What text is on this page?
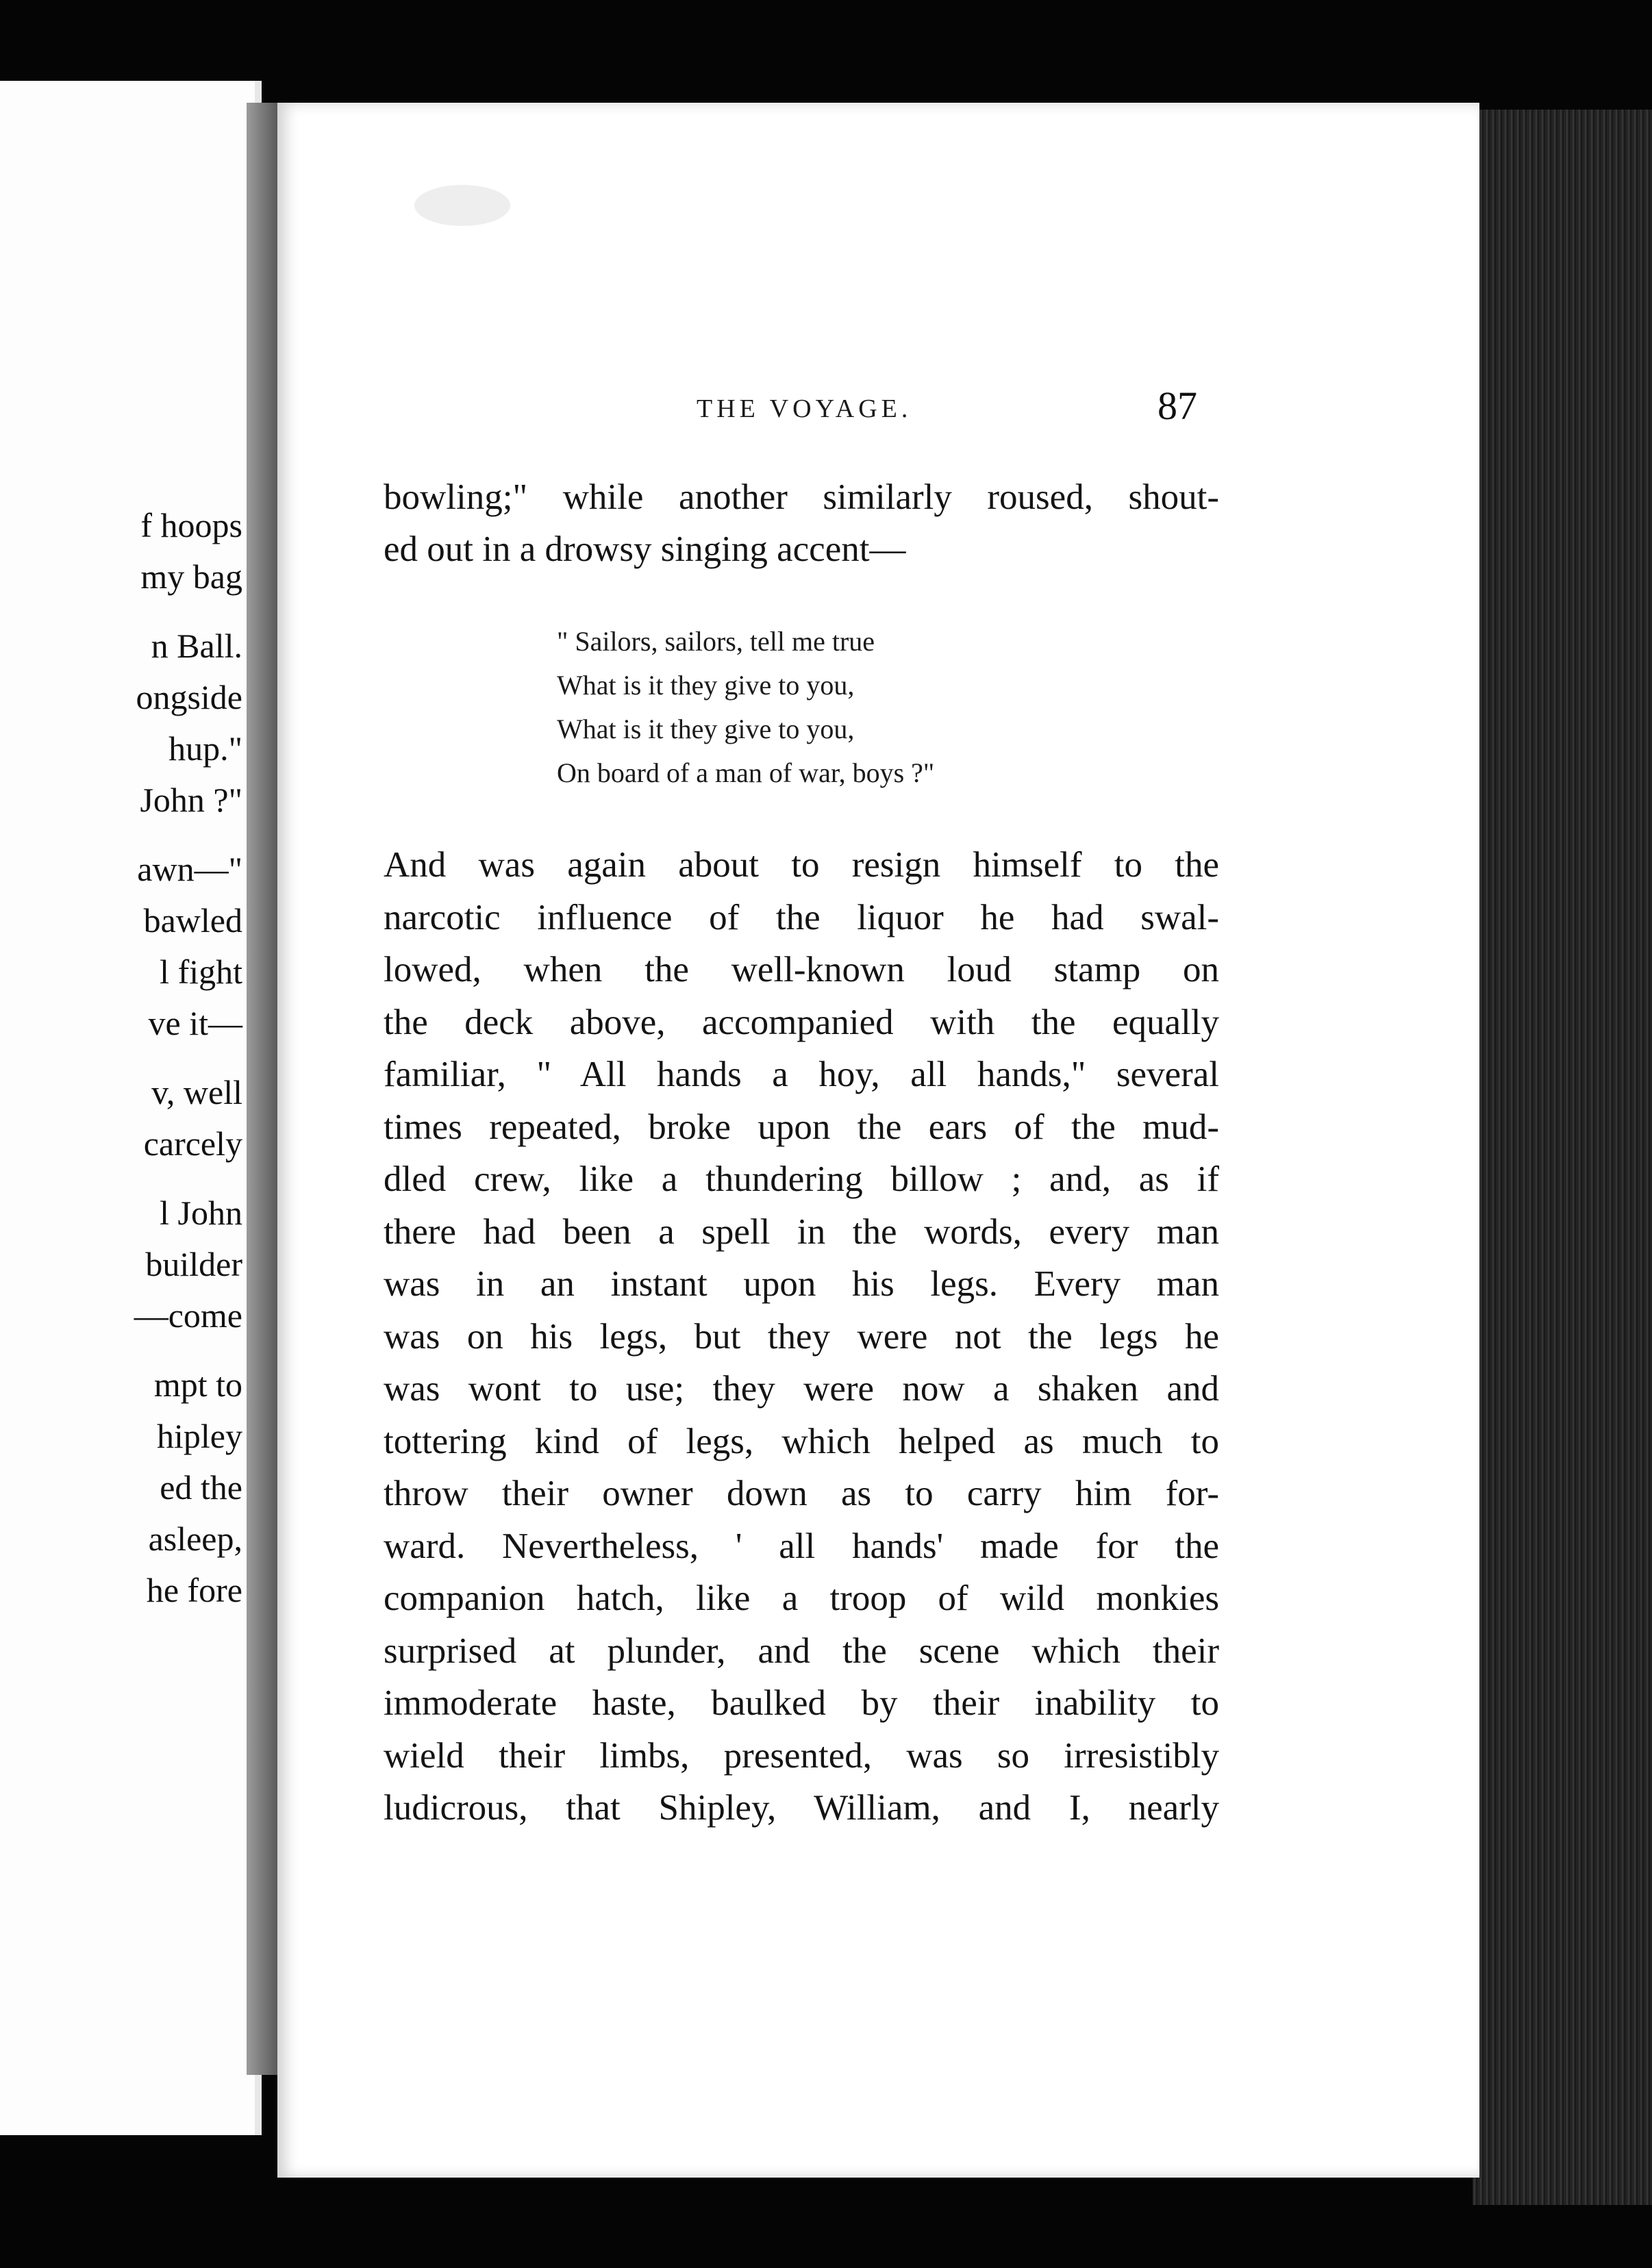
f hoops
my bag
n Ball.
ongside
hup."
John ?"
awn—"
bawled
l fight
ve it—
v, well
carcely
l John
builder
—come
mpt to
hipley
ed the
asleep,
he fore
THE VOYAGE.	87
bowling;" while another similarly roused, shout-
ed out in a drowsy singing accent—
" Sailors, sailors, tell me true
What is it they give to you,
What is it they give to you,
On board of a man of war, boys ?"
And was again about to resign himself to the
narcotic influence of the liquor he had swal-
lowed, when the well-known loud stamp on
the deck above, accompanied with the equally
familiar, " All hands a hoy, all hands," several
times repeated, broke upon the ears of the mud-
dled crew, like a thundering billow ; and, as if
there had been a spell in the words, every man
was in an instant upon his legs. Every man
was on his legs, but they were not the legs he
was wont to use; they were now a shaken and
tottering kind of legs, which helped as much to
throw their owner down as to carry him for-
ward. Nevertheless, ' all hands' made for the
companion hatch, like a troop of wild monkies
surprised at plunder, and the scene which their
immoderate haste, baulked by their inability to
wield their limbs, presented, was so irresistibly
ludicrous, that Shipley, William, and I, nearly
